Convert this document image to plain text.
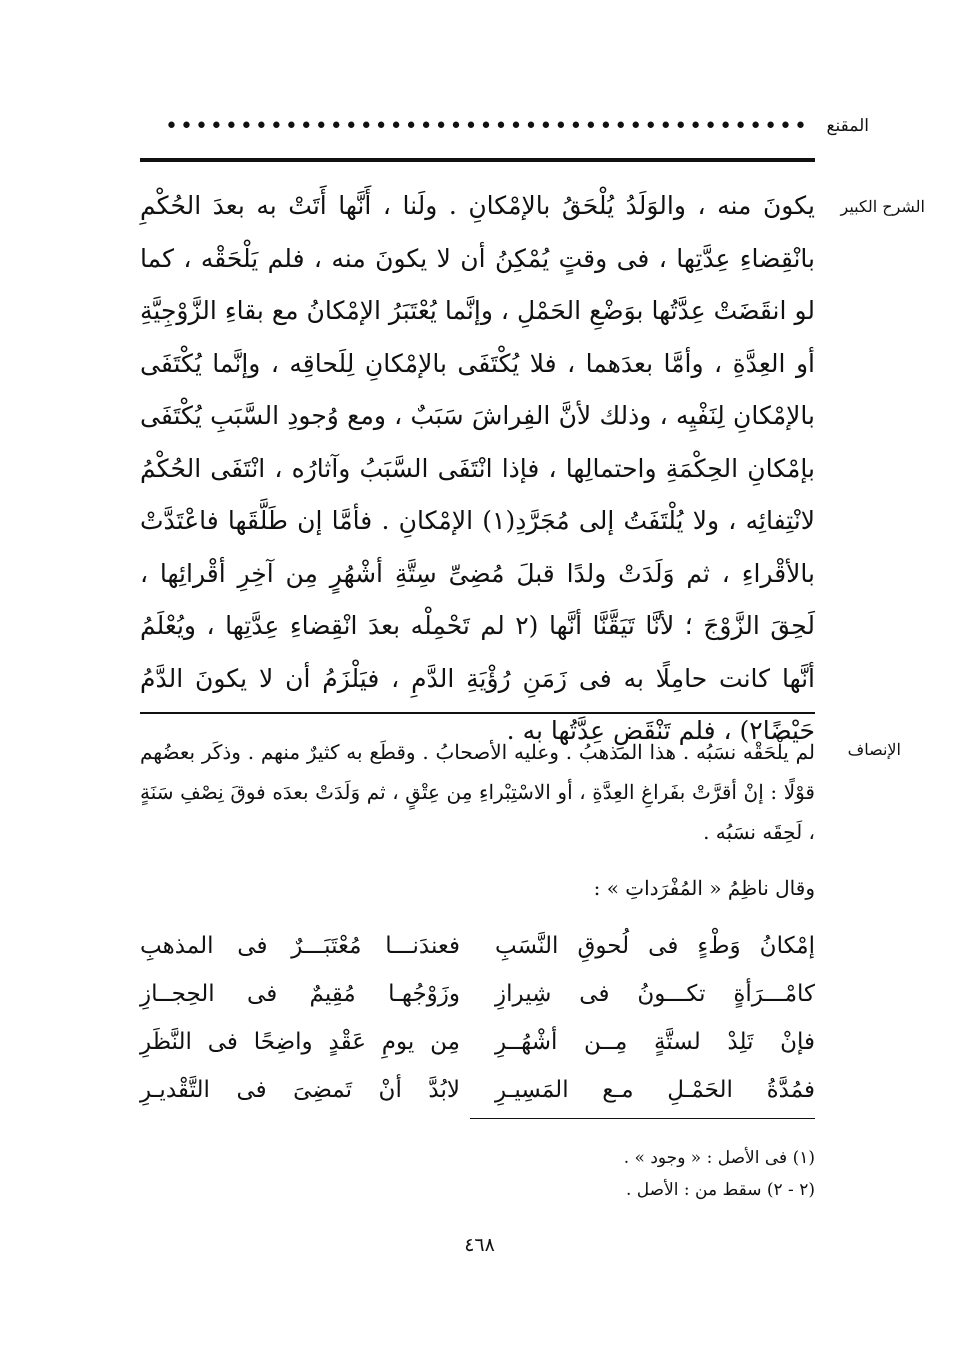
المقنع
•••••••••••••••••••••••••••••••••••••••••••
الشرح الكبير
يكونَ منه ، والوَلَدُ يُلْحَقُ بالإمْكانِ . ولَنا ، أَنَّها أَتَتْ به بعدَ الحُكْمِ بانْقِضاءِ عِدَّتِها ، فى وقتٍ يُمْكِنُ أن لا يكونَ منه ، فلم يَلْحَقْه ، كما لو انقَضَتْ عِدَّتُها بوَضْعِ الحَمْلِ ، وإنَّما يُعْتَبَرُ الإمْكانُ مع بقاءِ الزَّوْجِيَّةِ أو العِدَّةِ ، وأمَّا بعدَهما ، فلا يُكْتَفَى بالإمْكانِ لِلَحاقِه ، وإنَّما يُكْتَفَى بالإمْكانِ لِنَفْيِه ، وذلك لأنَّ الفِراشَ سَبَبٌ ، ومع وُجودِ السَّبَبِ يُكْتَفَى بإمْكانِ الحِكْمَةِ واحتمالِها ، فإذا انْتَفَى السَّبَبُ وآثارُه ، انْتَفَى الحُكْمُ لانْتِفائِه ، ولا يُلْتَفَتُ إلى مُجَرَّدِ(١) الإمْكانِ . فأمَّا إن طَلَّقَها فاعْتَدَّتْ بالأقْراءِ ، ثم وَلَدَتْ ولدًا قبلَ مُضِىِّ سِتَّةِ أشْهُرٍ مِن آخِرِ أقْرائِها ، لَحِقَ الزَّوْجَ ؛ لأنَّا تَيَقَّنَّا أنَّها (٢ لم تَحْمِلْه بعدَ انْقِضاءِ عِدَّتِها ، ويُعْلَمُ أنَّها كانت حامِلًا به فى زَمَنِ رُؤْيَةِ الدَّمِ ، فيَلْزَمُ أن لا يكونَ الدَّمُ حَيْضًا٢) ، فلم تَنْقَضِ عِدَّتُها به .
الإنصاف
لم يلْحَقْه نسَبُه . هذا المذهبُ . وعليه الأصحابُ . وقطَع به كثيرٌ منهم . وذكَر بعضُهم قوْلًا : إنْ أقرَّتْ بفَراغِ العِدَّةِ ، أو الاسْتِبْراءِ مِن عِتْقٍ ، ثم وَلَدَتْ بعدَه فوقَ نِصْفِ سَنَةٍ ، لَحِقَه نسَبُه .
وقال ناظِمُ « المُفْرَداتِ » :
إمْكانُ وَطْءٍ فى لُحوقِ النَّسَبِ
فعندَنـــا مُعْتَبَـــرٌ فى المذهبِ
كامْـــرَأةٍ تكـــونُ فى شِيرازِ
وزَوْجُهـا مُقِيمٌ فى الحِجــازِ
فإنْ تَلِدْ لستَّةٍ مِــن أشْهُــرِ
مِن يومِ عَقْدٍ واضِحًا فى النَّظَرِ
فمُدَّةُ الحَمْـلِ مـع المَسِيـرِ
لابُدَّ أنْ تَمضِىَ فى التَّقْديـرِ
(١) فى الأصل : « وجود » .
(٢ - ٢) سقط من : الأصل .
٤٦٨
